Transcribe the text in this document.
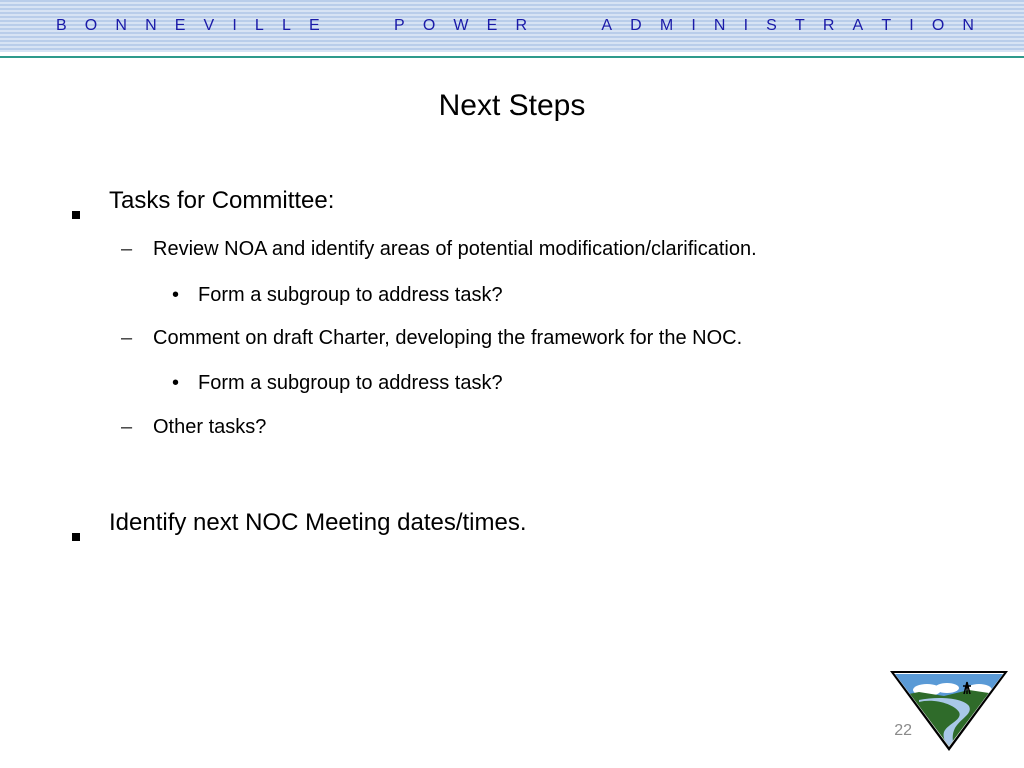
B O N N E V I L L E	P O W E R	A D M I N I S T R A T I O N
Next Steps
Tasks for Committee:
– Review NOA and identify areas of potential modification/clarification.
• Form a subgroup to address task?
– Comment on draft Charter, developing the framework for the NOC.
• Form a subgroup to address task?
– Other tasks?
Identify next NOC Meeting dates/times.
22
